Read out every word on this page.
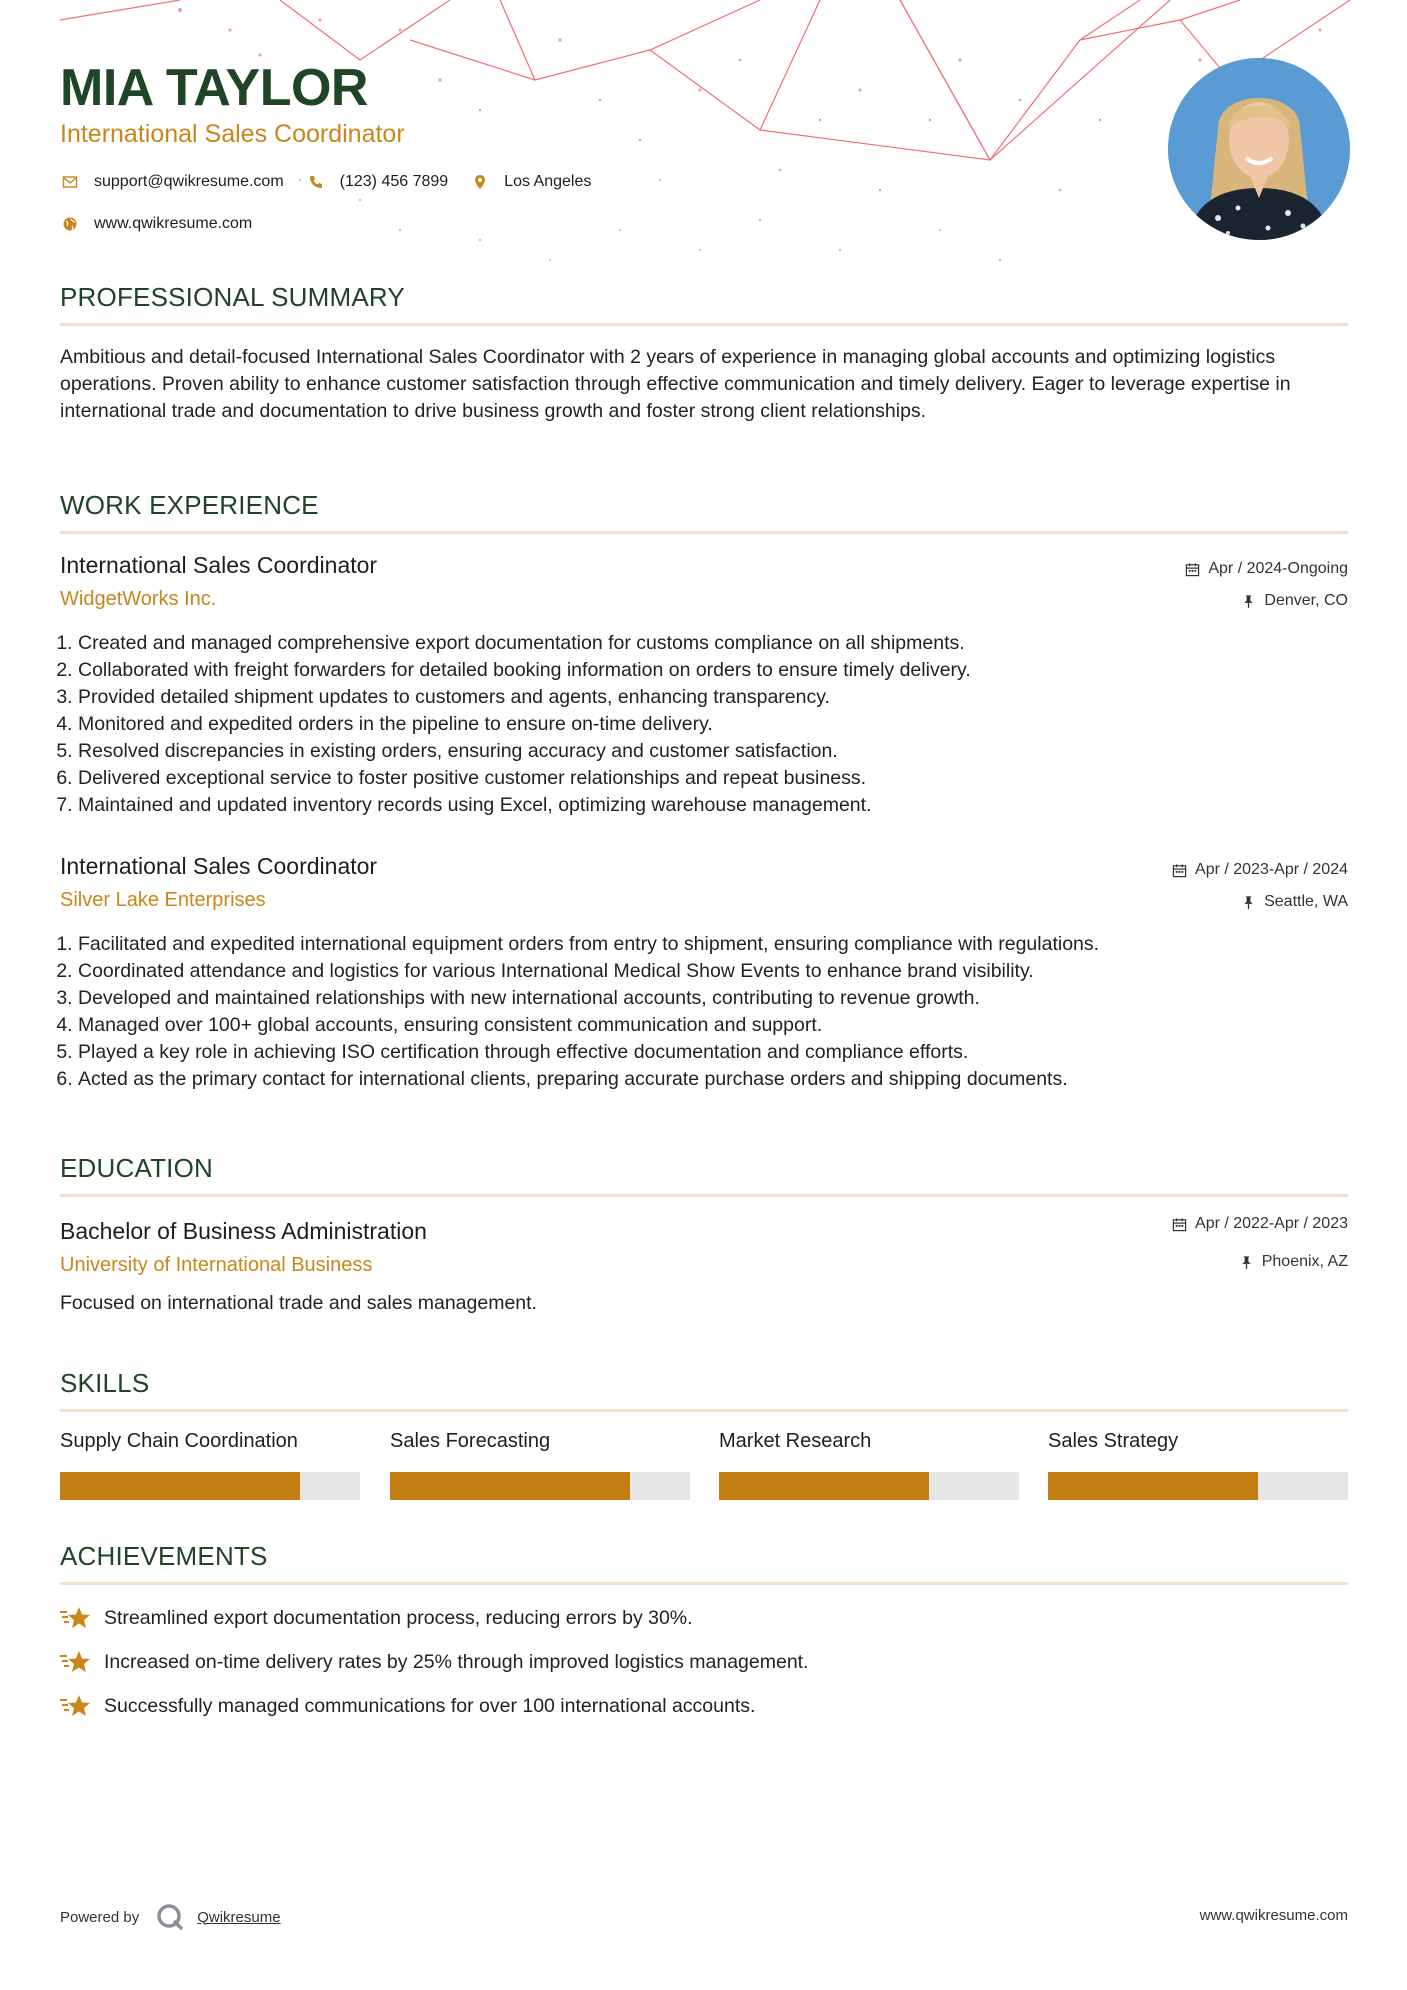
MIA TAYLOR
International Sales Coordinator
support@qwikresume.com	(123) 456 7899	Los Angeles
www.qwikresume.com
PROFESSIONAL SUMMARY

Ambitious and detail-focused International Sales Coordinator with 2 years of experience in managing global accounts and optimizing logistics operations. Proven ability to enhance customer satisfaction through effective communication and timely delivery. Eager to leverage expertise in international trade and documentation to drive business growth and foster strong client relationships.

WORK EXPERIENCE
International Sales Coordinator
WidgetWorks Inc.
Apr / 2024-Ongoing
Denver, CO
1. Created and managed comprehensive export documentation for customs compliance on all shipments.
2. Collaborated with freight forwarders for detailed booking information on orders to ensure timely delivery.
3. Provided detailed shipment updates to customers and agents, enhancing transparency.
4. Monitored and expedited orders in the pipeline to ensure on-time delivery.
5. Resolved discrepancies in existing orders, ensuring accuracy and customer satisfaction.
6. Delivered exceptional service to foster positive customer relationships and repeat business.
7. Maintained and updated inventory records using Excel, optimizing warehouse management.
International Sales Coordinator
Silver Lake Enterprises
Apr / 2023-Apr / 2024
Seattle, WA
1. Facilitated and expedited international equipment orders from entry to shipment, ensuring compliance with regulations.
2. Coordinated attendance and logistics for various International Medical Show Events to enhance brand visibility.
3. Developed and maintained relationships with new international accounts, contributing to revenue growth.
4. Managed over 100+ global accounts, ensuring consistent communication and support.
5. Played a key role in achieving ISO certification through effective documentation and compliance efforts.
6. Acted as the primary contact for international clients, preparing accurate purchase orders and shipping documents.
EDUCATION
Bachelor of Business Administration
University of International Business
Apr / 2022-Apr / 2023
Phoenix, AZ

Focused on international trade and sales management.

SKILLS
Supply Chain Coordination	Sales Forecasting	Market Research	Sales Strategy
ACHIEVEMENTS
Streamlined export documentation process, reducing errors by 30%.
Increased on-time delivery rates by 25% through improved logistics management.
Successfully managed communications for over 100 international accounts.
Powered by	Qwikresume	www.qwikresume.com
